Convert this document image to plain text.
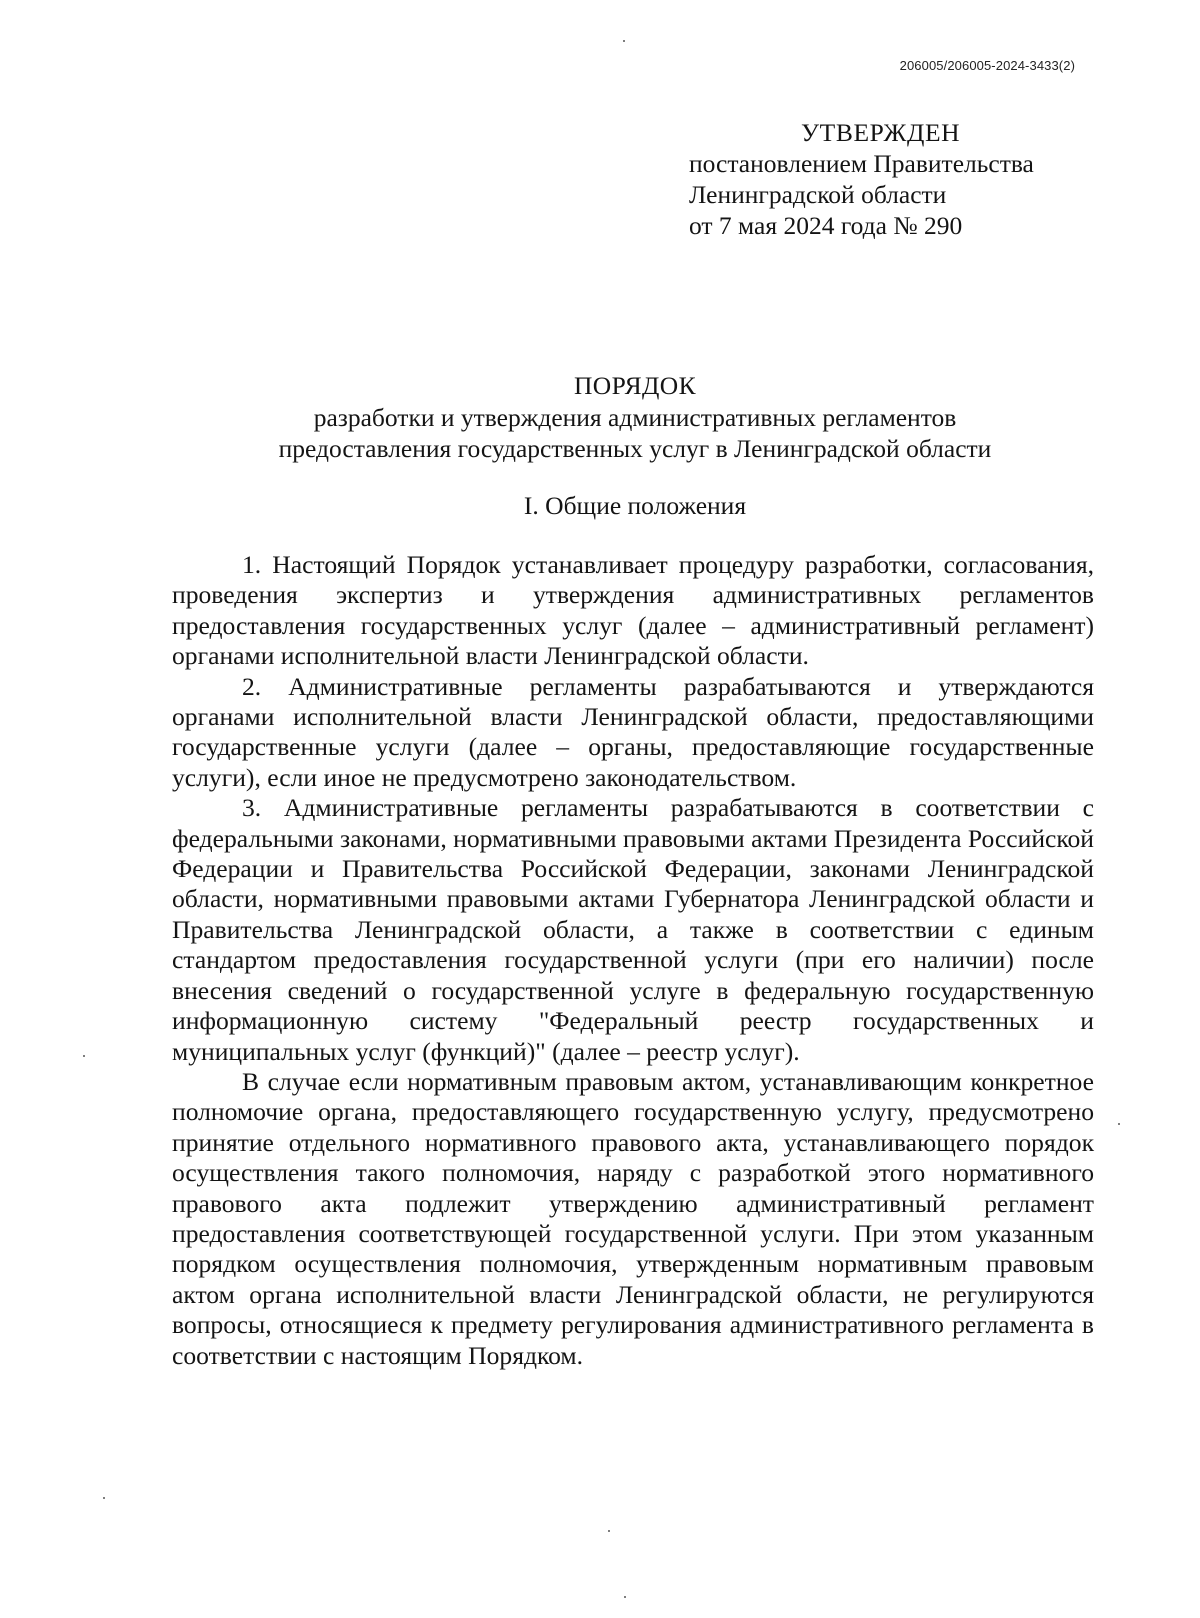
206005/206005-2024-3433(2)
УТВЕРЖДЕН
постановлением Правительства
Ленинградской области
от 7 мая 2024 года № 290
ПОРЯДОК
разработки и утверждения административных регламентов
предоставления государственных услуг в Ленинградской области
I. Общие положения

1. Настоящий Порядок устанавливает процедуру разработки, согласования, проведения экспертиз и утверждения административных регламентов предоставления государственных услуг (далее – административный регламент) органами исполнительной власти Ленинградской области.

2. Административные регламенты разрабатываются и утверждаются органами исполнительной власти Ленинградской области, предоставляющими государственные услуги (далее – органы, предоставляющие государственные услуги), если иное не предусмотрено законодательством.

3. Административные регламенты разрабатываются в соответствии с федеральными законами, нормативными правовыми актами Президента Российской Федерации и Правительства Российской Федерации, законами Ленинградской области, нормативными правовыми актами Губернатора Ленинградской области и Правительства Ленинградской области, а также в соответствии с единым стандартом предоставления государственной услуги (при его наличии) после внесения сведений о государственной услуге в федеральную государственную информационную систему "Федеральный реестр государственных и муниципальных услуг (функций)" (далее – реестр услуг).

В случае если нормативным правовым актом, устанавливающим конкретное полномочие органа, предоставляющего государственную услугу, предусмотрено принятие отдельного нормативного правового акта, устанавливающего порядок осуществления такого полномочия, наряду с разработкой этого нормативного правового акта подлежит утверждению административный регламент предоставления соответствующей государственной услуги. При этом указанным порядком осуществления полномочия, утвержденным нормативным правовым актом органа исполнительной власти Ленинградской области, не регулируются вопросы, относящиеся к предмету регулирования административного регламента в соответствии с настоящим Порядком.
